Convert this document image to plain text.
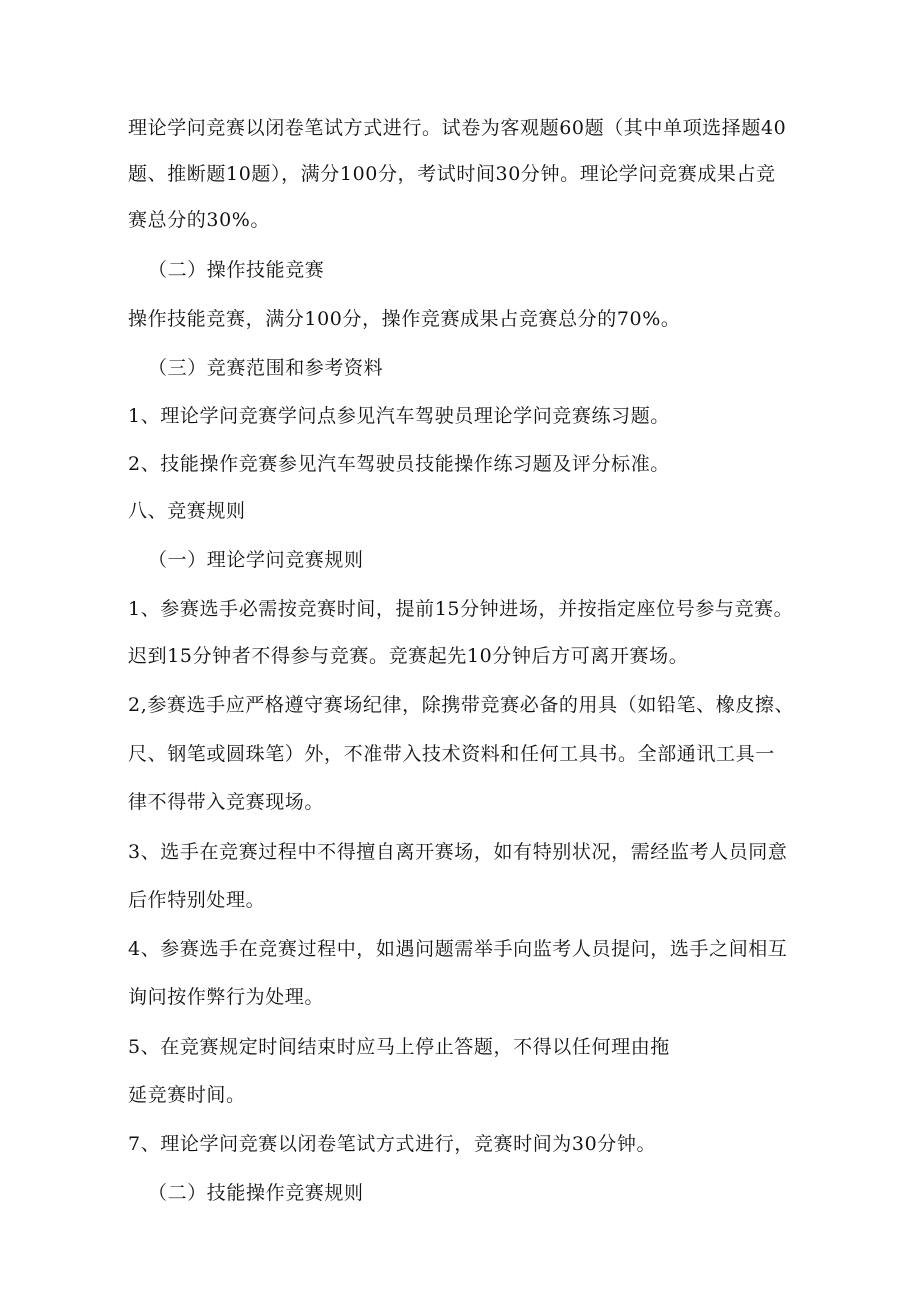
理论学问竞赛以闭卷笔试方式进行。试卷为客观题60题（其中单项选择题40
题、推断题10题），满分100分，考试时间30分钟。理论学问竞赛成果占竞
赛总分的30%。
（二）操作技能竞赛
操作技能竞赛，满分100分，操作竞赛成果占竞赛总分的70%。
（三）竞赛范围和参考资料
1、理论学问竞赛学问点参见汽车驾驶员理论学问竞赛练习题。
2、技能操作竞赛参见汽车驾驶员技能操作练习题及评分标准。
八、竞赛规则
（一）理论学问竞赛规则
1、参赛选手必需按竞赛时间，提前15分钟进场，并按指定座位号参与竞赛。
迟到15分钟者不得参与竞赛。竞赛起先10分钟后方可离开赛场。
2,参赛选手应严格遵守赛场纪律，除携带竞赛必备的用具（如铅笔、橡皮擦、
尺、钢笔或圆珠笔）外，不准带入技术资料和任何工具书。全部通讯工具一
律不得带入竞赛现场。
3、选手在竞赛过程中不得擅自离开赛场，如有特别状况，需经监考人员同意
后作特别处理。
4、参赛选手在竞赛过程中，如遇问题需举手向监考人员提问，选手之间相互
询问按作弊行为处理。
5、在竞赛规定时间结束时应马上停止答题，不得以任何理由拖
延竞赛时间。
7、理论学问竞赛以闭卷笔试方式进行，竞赛时间为30分钟。
（二）技能操作竞赛规则
